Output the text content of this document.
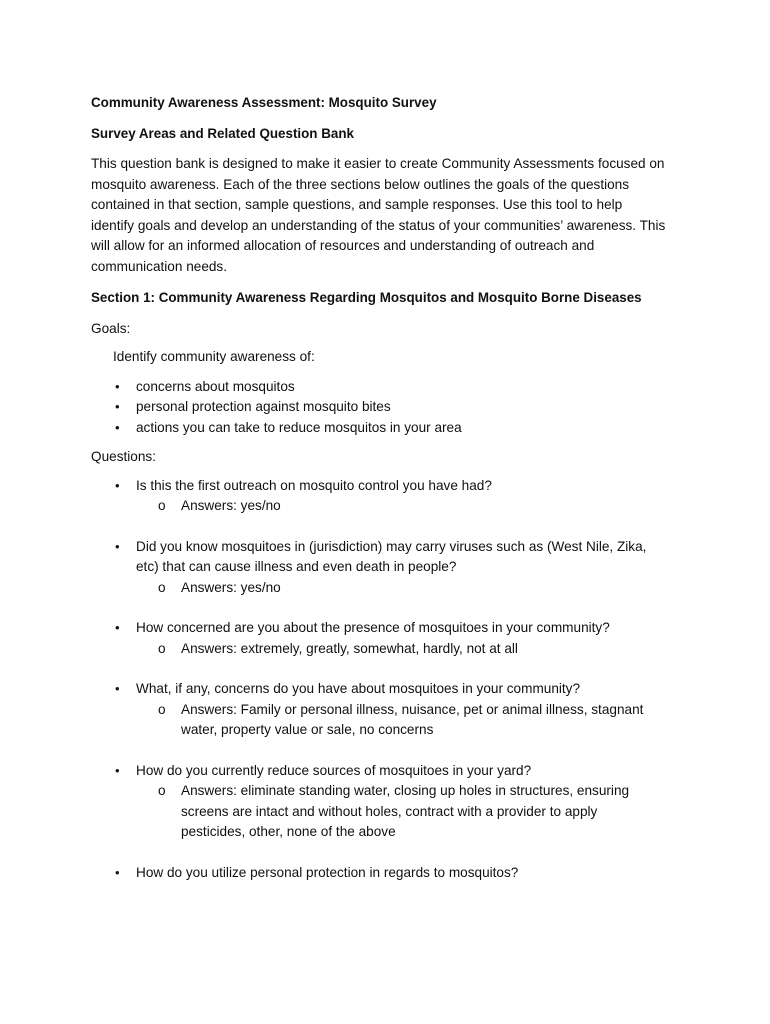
Community Awareness Assessment: Mosquito Survey
Survey Areas and Related Question Bank
This question bank is designed to make it easier to create Community Assessments focused on
mosquito awareness. Each of the three sections below outlines the goals of the questions
contained in that section, sample questions, and sample responses. Use this tool to help
identify goals and develop an understanding of the status of your communities’ awareness. This
will allow for an informed allocation of resources and understanding of outreach and
communication needs.
Section 1: Community Awareness Regarding Mosquitos and Mosquito Borne Diseases
Goals:
Identify community awareness of:
• concerns about mosquitos
• personal protection against mosquito bites
• actions you can take to reduce mosquitos in your area
Questions:
• Is this the first outreach on mosquito control you have had?
o Answers: yes/no
• Did you know mosquitoes in (jurisdiction) may carry viruses such as (West Nile, Zika,
etc) that can cause illness and even death in people?
o Answers: yes/no
• How concerned are you about the presence of mosquitoes in your community?
o Answers: extremely, greatly, somewhat, hardly, not at all
• What, if any, concerns do you have about mosquitoes in your community?
o Answers: Family or personal illness, nuisance, pet or animal illness, stagnant
water, property value or sale, no concerns
• How do you currently reduce sources of mosquitoes in your yard?
o Answers: eliminate standing water, closing up holes in structures, ensuring
screens are intact and without holes, contract with a provider to apply
pesticides, other, none of the above
• How do you utilize personal protection in regards to mosquitos?
